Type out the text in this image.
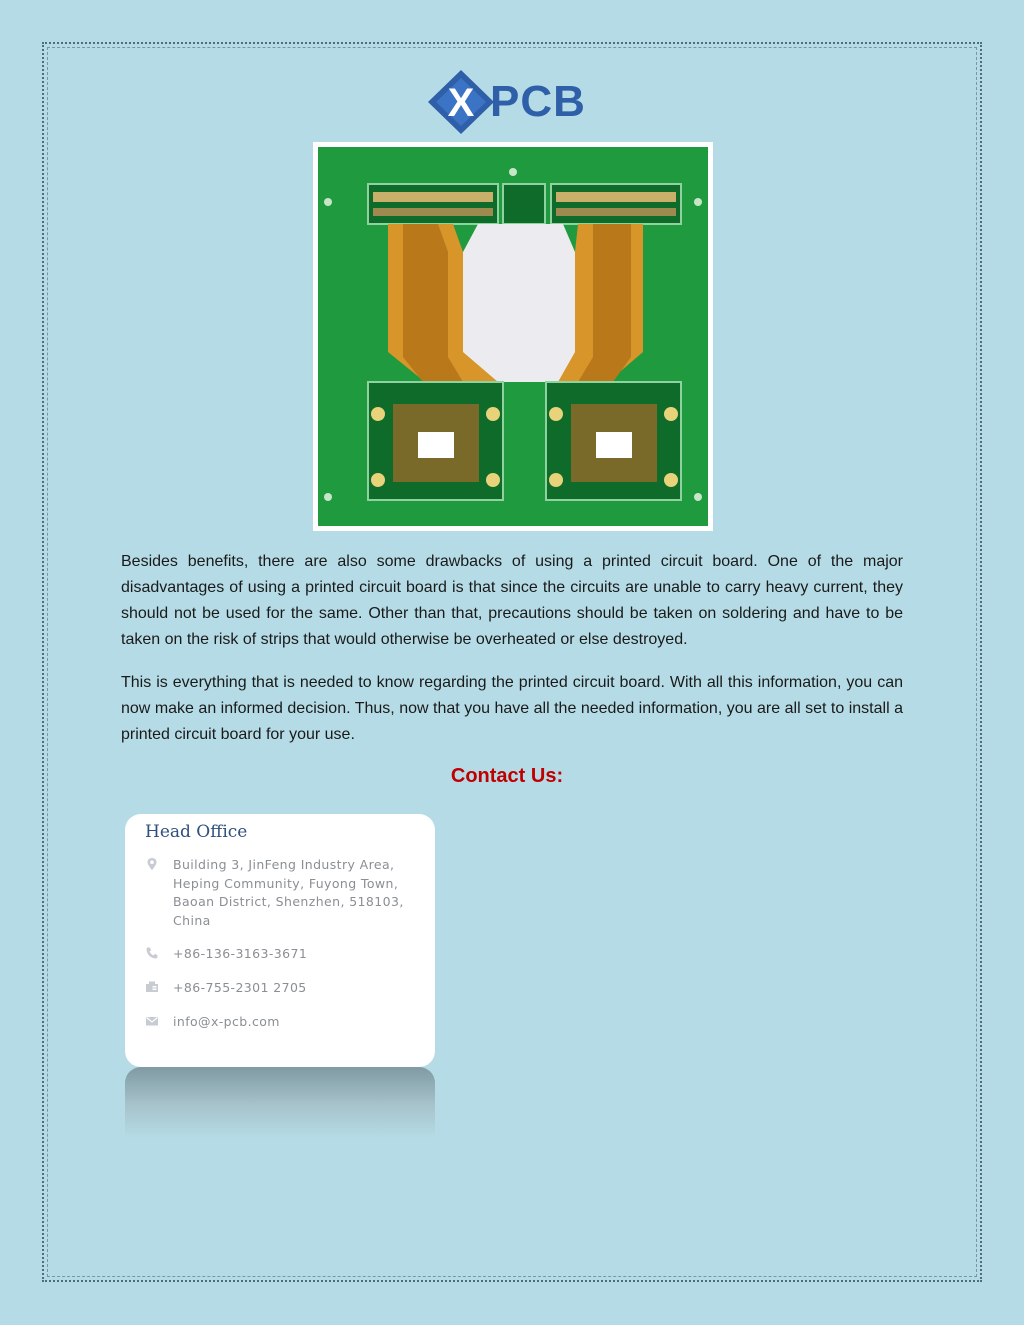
X PCB

Besides benefits, there are also some drawbacks of using a printed circuit board. One of the major disadvantages of using a printed circuit board is that since the circuits are unable to carry heavy current, they should not be used for the same. Other than that, precautions should be taken on soldering and have to be taken on the risk of strips that would otherwise be overheated or else destroyed.

This is everything that is needed to know regarding the printed circuit board. With all this information, you can now make an informed decision. Thus, now that you have all the needed information, you are all set to install a printed circuit board for your use.

Contact Us:
Head Office
Building 3, JinFeng Industry Area, Heping Community, Fuyong Town, Baoan District, Shenzhen, 518103, China
+86-136-3163-3671
+86-755-2301 2705
info@x-pcb.com
